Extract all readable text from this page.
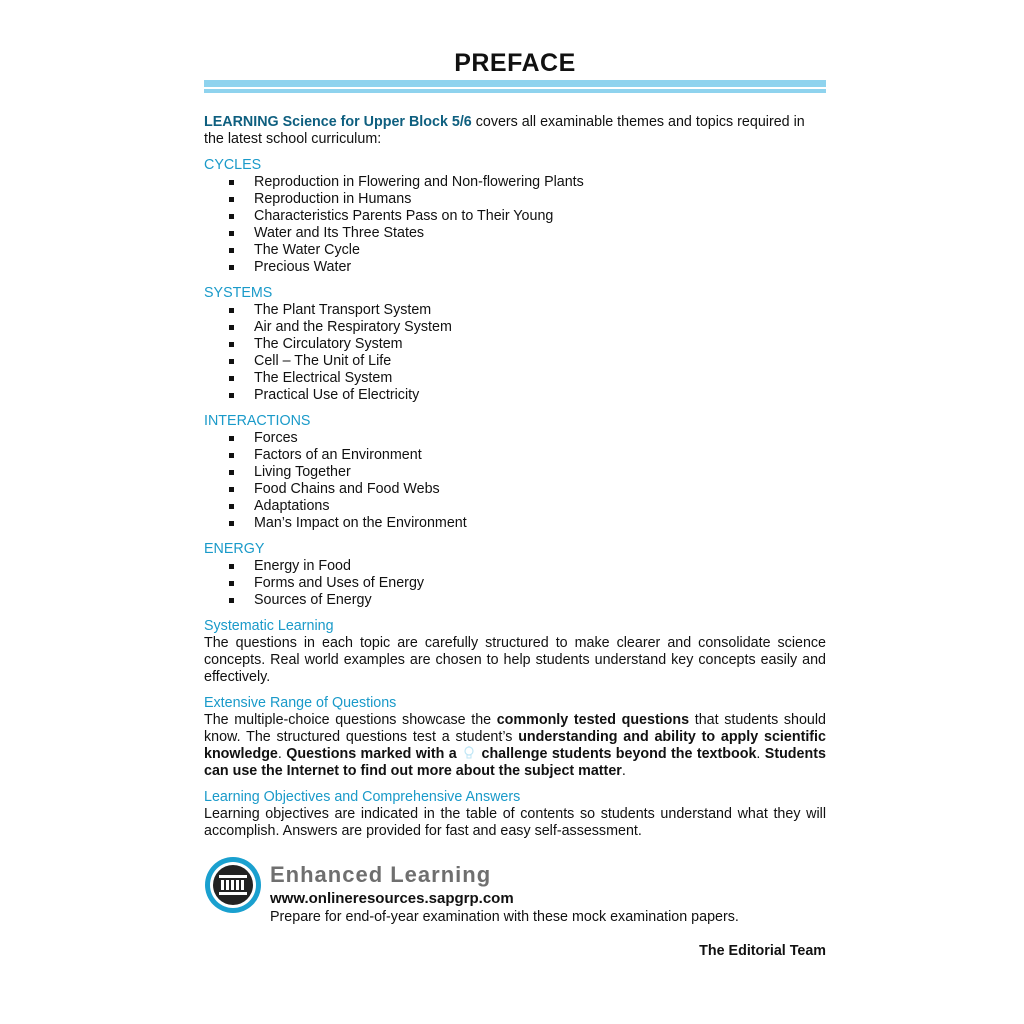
PREFACE
LEARNING Science for Upper Block 5/6 covers all examinable themes and topics required in the latest school curriculum:
CYCLES
Reproduction in Flowering and Non-flowering Plants
Reproduction in Humans
Characteristics Parents Pass on to Their Young
Water and Its Three States
The Water Cycle
Precious Water
SYSTEMS
The Plant Transport System
Air and the Respiratory System
The Circulatory System
Cell – The Unit of Life
The Electrical System
Practical Use of Electricity
INTERACTIONS
Forces
Factors of an Environment
Living Together
Food Chains and Food Webs
Adaptations
Man’s Impact on the Environment
ENERGY
Energy in Food
Forms and Uses of Energy
Sources of Energy
Systematic Learning
The questions in each topic are carefully structured to make clearer and consolidate science concepts. Real world examples are chosen to help students understand key concepts easily and effectively.
Extensive Range of Questions
The multiple-choice questions showcase the commonly tested questions that students should know. The structured questions test a student’s understanding and ability to apply scientific knowledge. Questions marked with a challenge students beyond the textbook. Students can use the Internet to find out more about the subject matter.
Learning Objectives and Comprehensive Answers
Learning objectives are indicated in the table of contents so students understand what they will accomplish. Answers are provided for fast and easy self-assessment.
Enhanced Learning
www.onlineresources.sapgrp.com
Prepare for end-of-year examination with these mock examination papers.
The Editorial Team
